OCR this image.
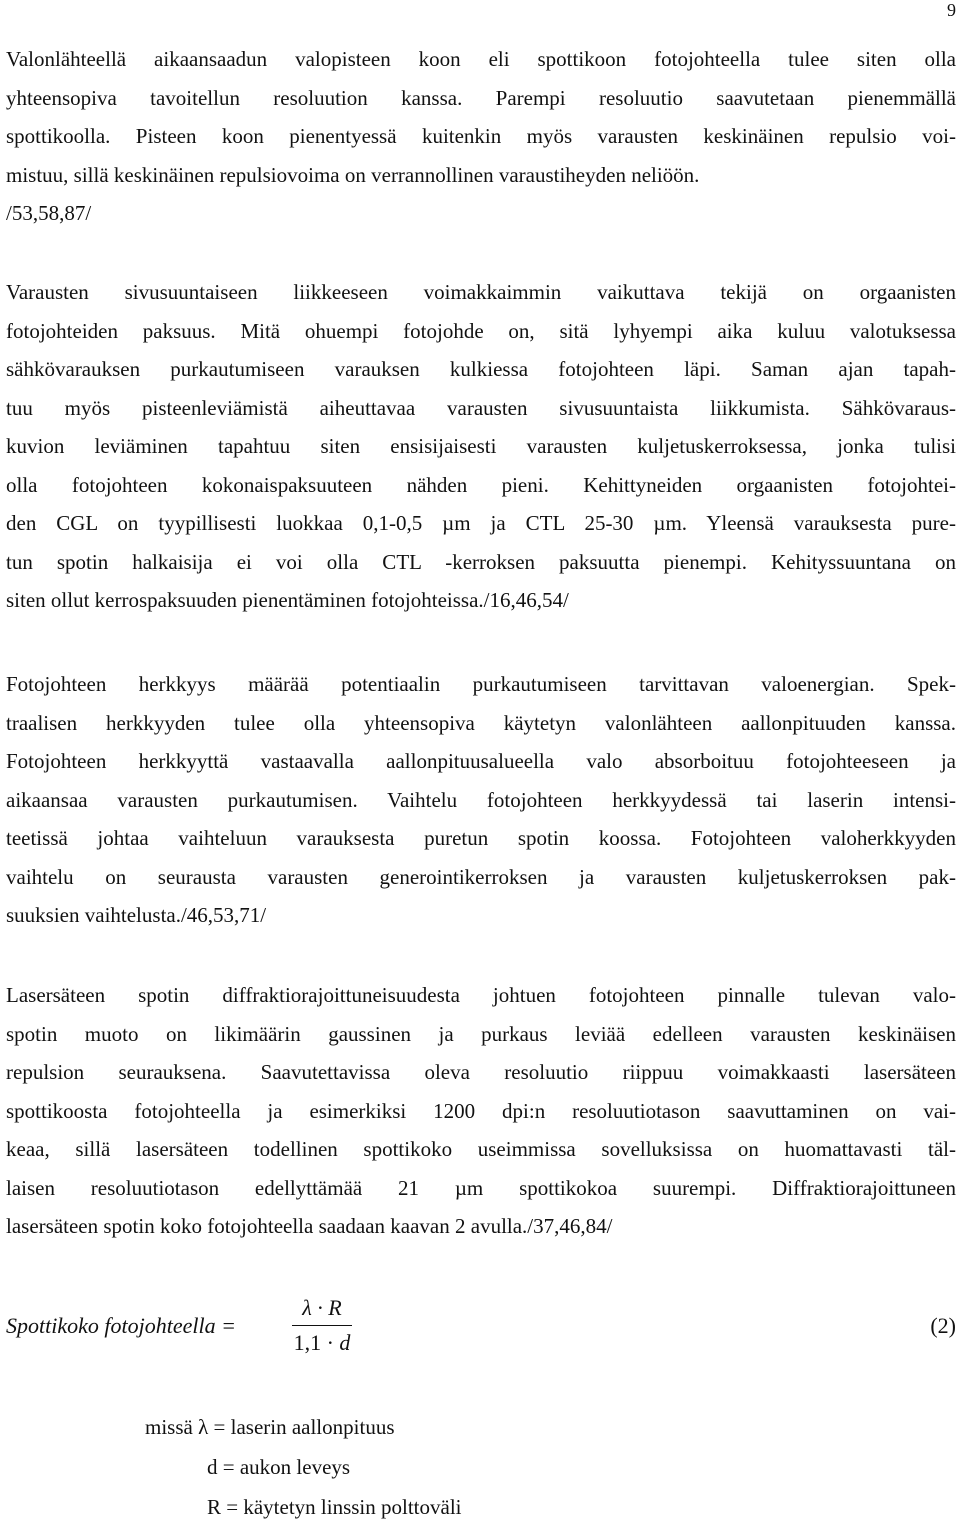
9
Valonlähteellä aikaansaadun valopisteen koon eli spottikoon fotojohteella tulee siten olla
yhteensopiva tavoitellun resoluution kanssa. Parempi resoluutio saavutetaan pienemmällä
spottikoolla. Pisteen koon pienentyessä kuitenkin myös varausten keskinäinen repulsio voi-
mistuu, sillä keskinäinen repulsiovoima on verrannollinen varaustiheyden neliöön.
/53,58,87/
Varausten sivusuuntaiseen liikkeeseen voimakkaimmin vaikuttava tekijä on orgaanisten
fotojohteiden paksuus. Mitä ohuempi fotojohde on, sitä lyhyempi aika kuluu valotuksessa
sähkövarauksen purkautumiseen varauksen kulkiessa fotojohteen läpi. Saman ajan tapah-
tuu myös pisteenleviämistä aiheuttavaa varausten sivusuuntaista liikkumista. Sähkövaraus-
kuvion leviäminen tapahtuu siten ensisijaisesti varausten kuljetuskerroksessa, jonka tulisi
olla fotojohteen kokonaispaksuuteen nähden pieni. Kehittyneiden orgaanisten fotojohtei-
den CGL on tyypillisesti luokkaa 0,1-0,5 µm ja CTL 25-30 µm. Yleensä varauksesta pure-
tun spotin halkaisija ei voi olla CTL -kerroksen paksuutta pienempi. Kehityssuuntana on
siten ollut kerrospaksuuden pienentäminen fotojohteissa./16,46,54/
Fotojohteen herkkyys määrää potentiaalin purkautumiseen tarvittavan valoenergian. Spek-
traalisen herkkyyden tulee olla yhteensopiva käytetyn valonlähteen aallonpituuden kanssa.
Fotojohteen herkkyyttä vastaavalla aallonpituusalueella valo absorboituu fotojohteeseen ja
aikaansaa varausten purkautumisen. Vaihtelu fotojohteen herkkyydessä tai laserin intensi-
teetissä johtaa vaihteluun varauksesta puretun spotin koossa. Fotojohteen valoherkkyyden
vaihtelu on seurausta varausten generointikerroksen ja varausten kuljetuskerroksen pak-
suuksien vaihtelusta./46,53,71/
Lasersäteen spotin diffraktiorajoittuneisuudesta johtuen fotojohteen pinnalle tulevan valo-
spotin muoto on likimäärin gaussinen ja purkaus leviää edelleen varausten keskinäisen
repulsion seurauksena. Saavutettavissa oleva resoluutio riippuu voimakkaasti lasersäteen
spottikoosta fotojohteella ja esimerkiksi 1200 dpi:n resoluutiotason saavuttaminen on vai-
keaa, sillä lasersäteen todellinen spottikoko useimmissa sovelluksissa on huomattavasti täl-
laisen resoluutiotason edellyttämää 21 µm spottikokoa suurempi. Diffraktiorajoittuneen
lasersäteen spotin koko fotojohteella saadaan kaavan 2 avulla./37,46,84/
Spottikoko fotojohteella =
λ · R
1,1 · d
(2)
missä λ = laserin aallonpituus
d = aukon leveys
R = käytetyn linssin polttoväli
